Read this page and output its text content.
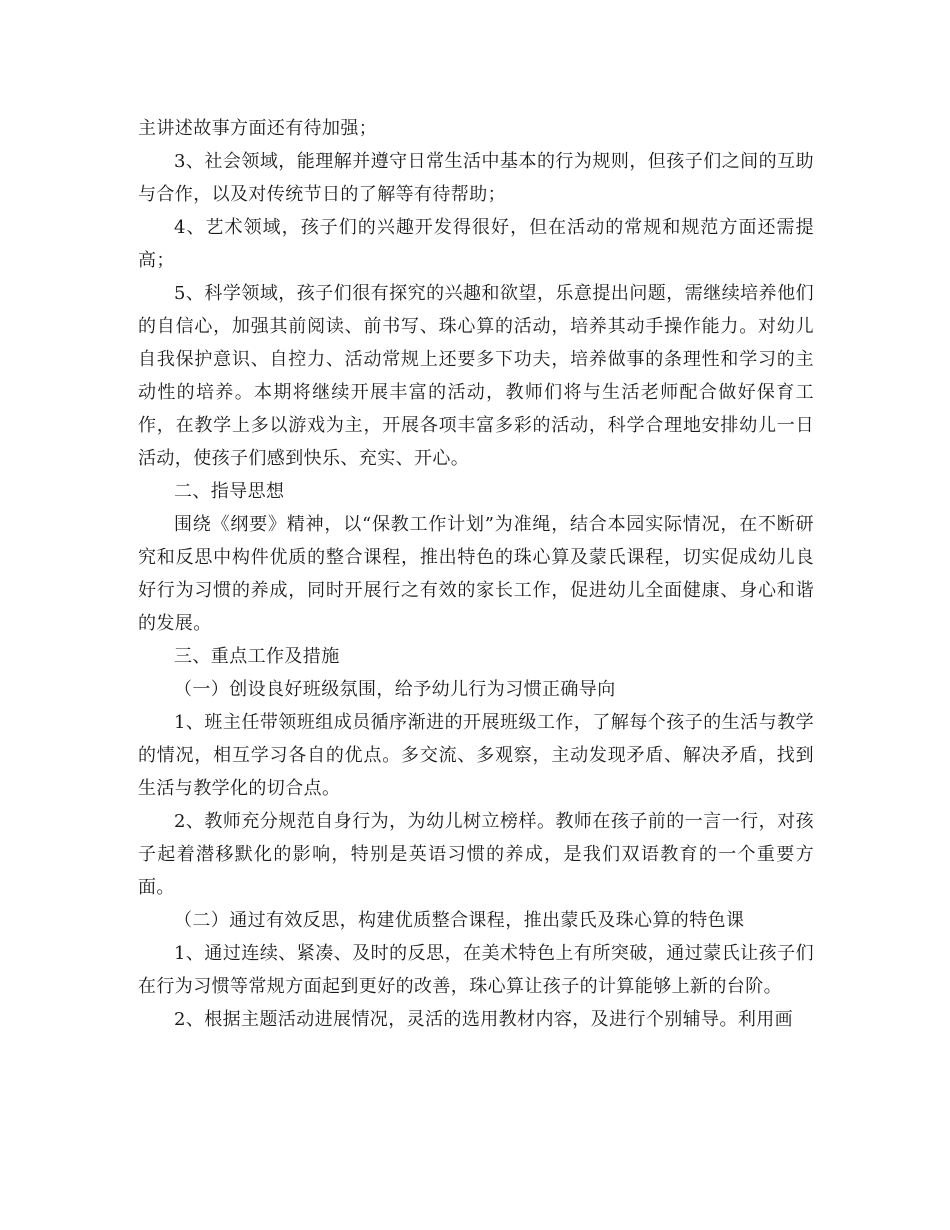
主讲述故事方面还有待加强；

3、社会领域，能理解并遵守日常生活中基本的行为规则，但孩子们之间的互助与合作，以及对传统节日的了解等有待帮助；

4、艺术领域，孩子们的兴趣开发得很好，但在活动的常规和规范方面还需提高；

5、科学领域，孩子们很有探究的兴趣和欲望，乐意提出问题，需继续培养他们的自信心，加强其前阅读、前书写、珠心算的活动，培养其动手操作能力。对幼儿自我保护意识、自控力、活动常规上还要多下功夫，培养做事的条理性和学习的主动性的培养。本期将继续开展丰富的活动，教师们将与生活老师配合做好保育工作，在教学上多以游戏为主，开展各项丰富多彩的活动，科学合理地安排幼儿一日活动，使孩子们感到快乐、充实、开心。

二、指导思想

围绕《纲要》精神，以“保教工作计划”为准绳，结合本园实际情况，在不断研究和反思中构件优质的整合课程，推出特色的珠心算及蒙氏课程，切实促成幼儿良好行为习惯的养成，同时开展行之有效的家长工作，促进幼儿全面健康、身心和谐的发展。

三、重点工作及措施

（一）创设良好班级氛围，给予幼儿行为习惯正确导向

1、班主任带领班组成员循序渐进的开展班级工作，了解每个孩子的生活与教学的情况，相互学习各自的优点。多交流、多观察，主动发现矛盾、解决矛盾，找到生活与教学化的切合点。

2、教师充分规范自身行为，为幼儿树立榜样。教师在孩子前的一言一行，对孩子起着潜移默化的影响，特别是英语习惯的养成，是我们双语教育的一个重要方面。

（二）通过有效反思，构建优质整合课程，推出蒙氏及珠心算的特色课

1、通过连续、紧凑、及时的反思，在美术特色上有所突破，通过蒙氏让孩子们在行为习惯等常规方面起到更好的改善，珠心算让孩子的计算能够上新的台阶。

2、根据主题活动进展情况，灵活的选用教材内容，及进行个别辅导。利用画
